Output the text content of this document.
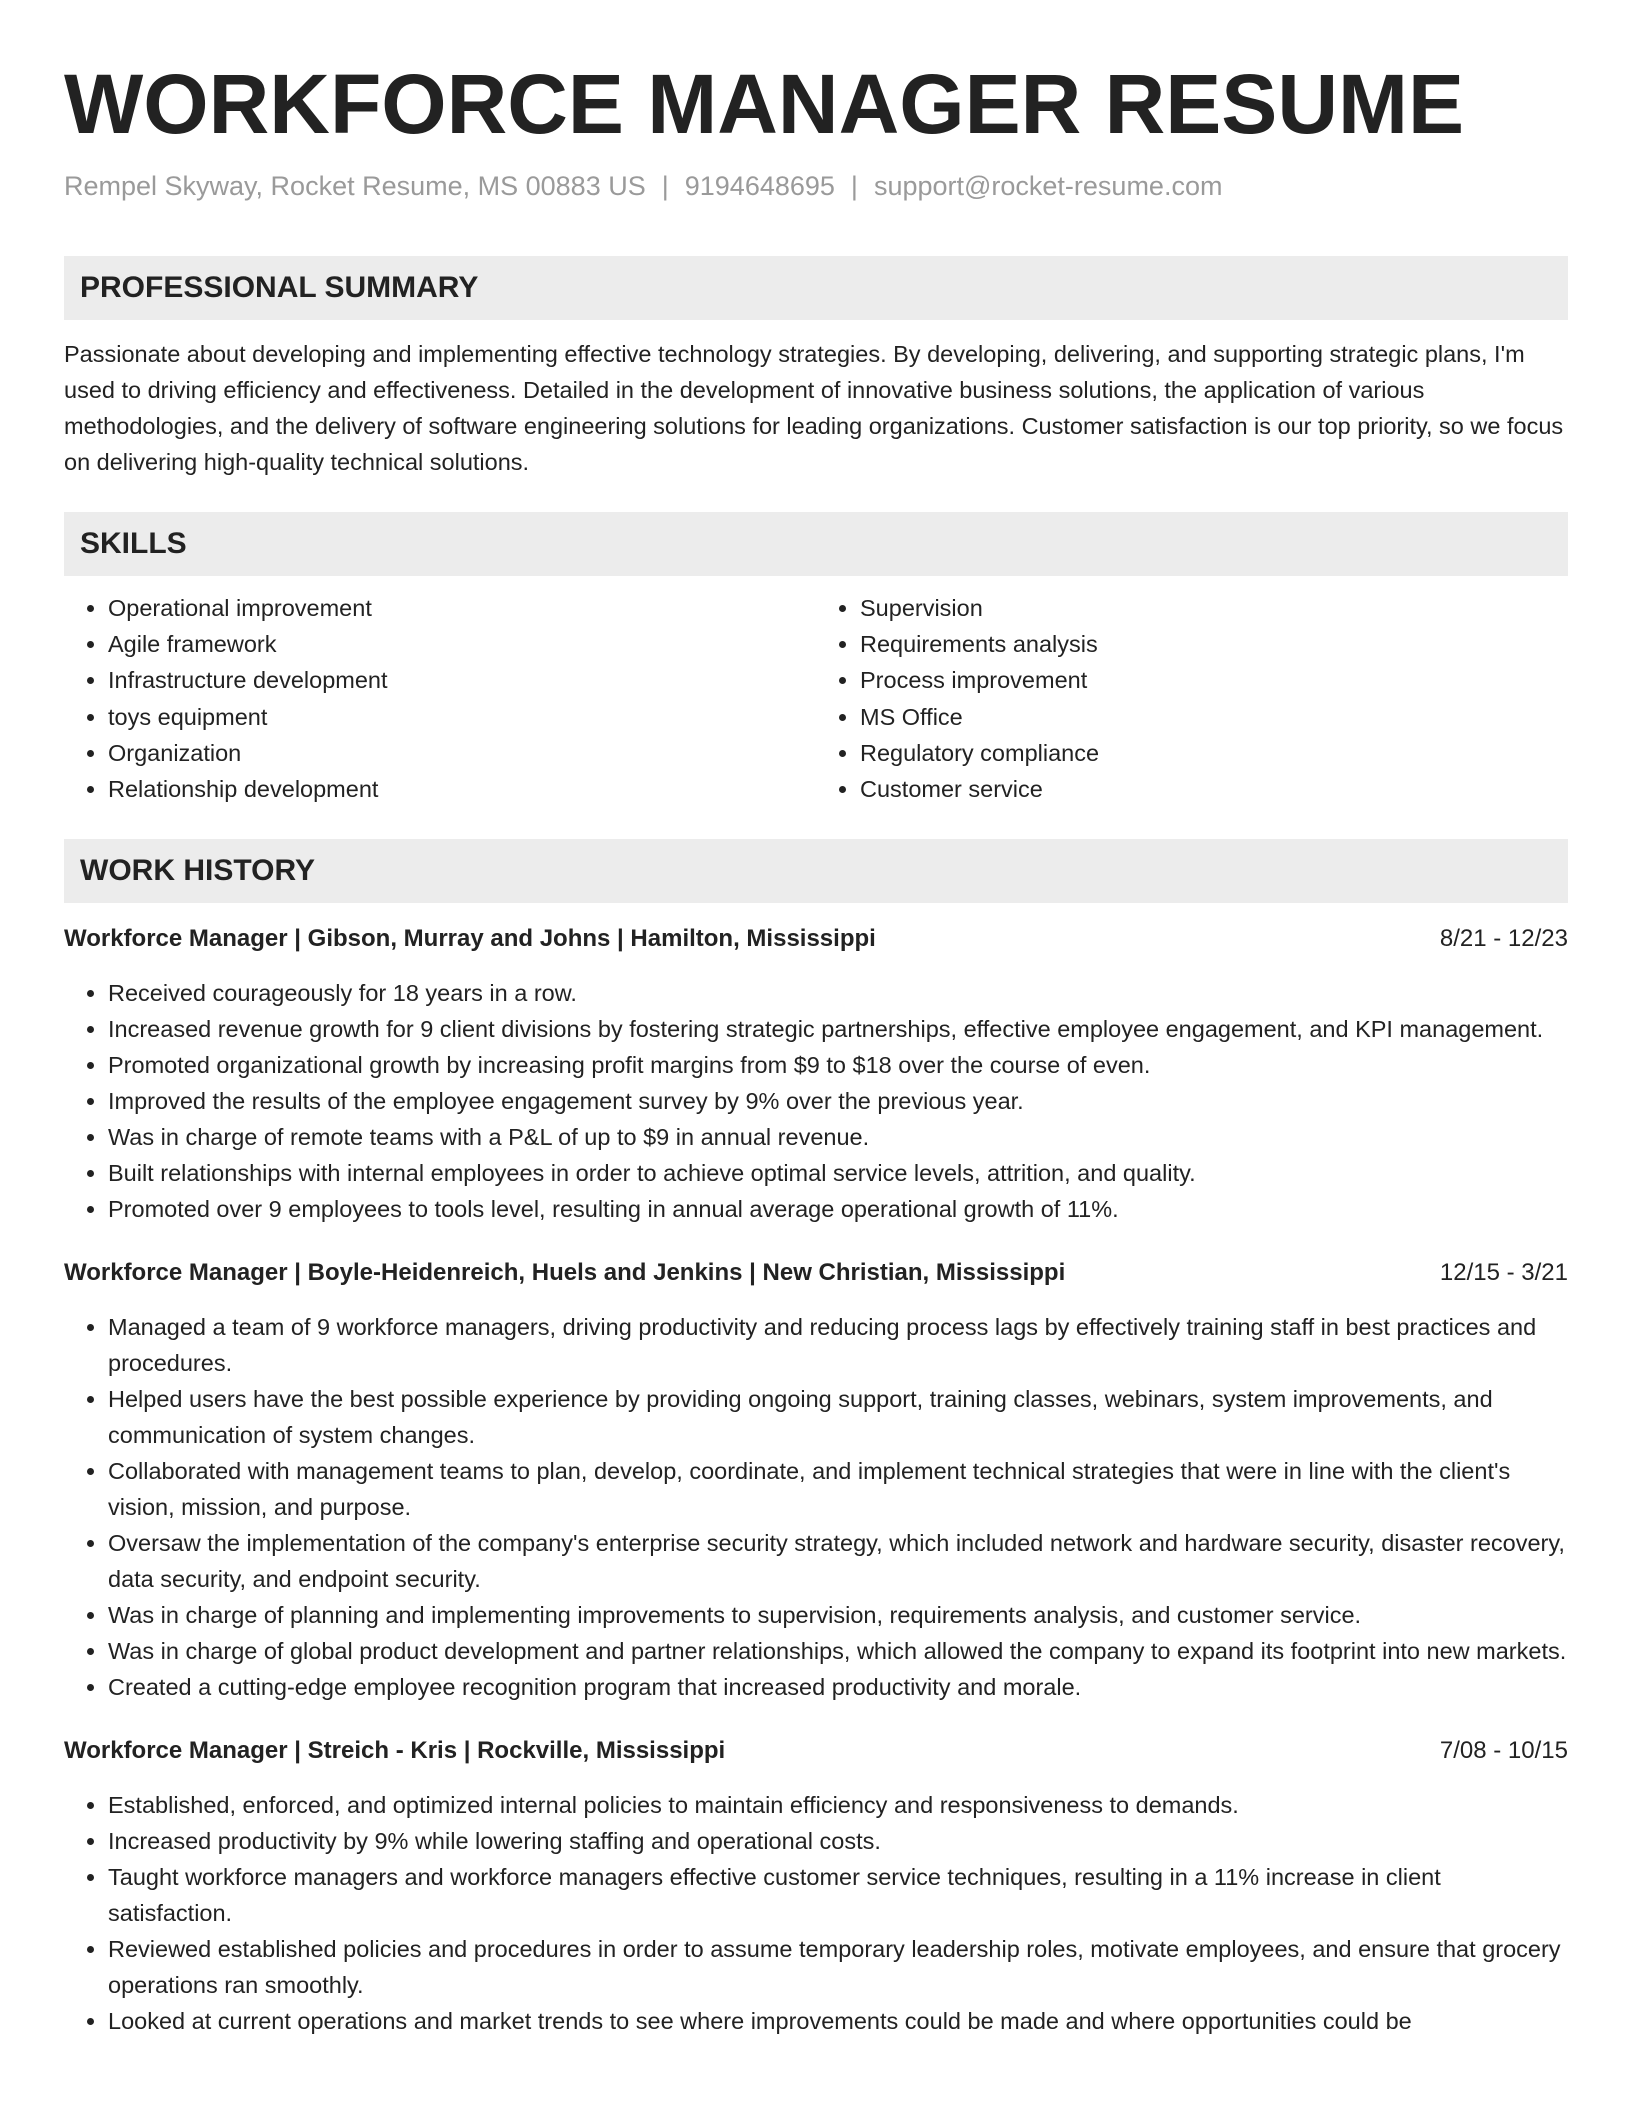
WORKFORCE MANAGER RESUME
Rempel Skyway, Rocket Resume, MS 00883 US | 9194648695 | support@rocket-resume.com
PROFESSIONAL SUMMARY
Passionate about developing and implementing effective technology strategies. By developing, delivering, and supporting strategic plans, I'm used to driving efficiency and effectiveness. Detailed in the development of innovative business solutions, the application of various methodologies, and the delivery of software engineering solutions for leading organizations. Customer satisfaction is our top priority, so we focus on delivering high-quality technical solutions.
SKILLS
• Operational improvement
• Agile framework
• Infrastructure development
• toys equipment
• Organization
• Relationship development
• Supervision
• Requirements analysis
• Process improvement
• MS Office
• Regulatory compliance
• Customer service
WORK HISTORY
Workforce Manager | Gibson, Murray and Johns | Hamilton, Mississippi	8/21 - 12/23
• Received courageously for 18 years in a row.
• Increased revenue growth for 9 client divisions by fostering strategic partnerships, effective employee engagement, and KPI management.
• Promoted organizational growth by increasing profit margins from $9 to $18 over the course of even.
• Improved the results of the employee engagement survey by 9% over the previous year.
• Was in charge of remote teams with a P&L of up to $9 in annual revenue.
• Built relationships with internal employees in order to achieve optimal service levels, attrition, and quality.
• Promoted over 9 employees to tools level, resulting in annual average operational growth of 11%.
Workforce Manager | Boyle-Heidenreich, Huels and Jenkins | New Christian, Mississippi	12/15 - 3/21
• Managed a team of 9 workforce managers, driving productivity and reducing process lags by effectively training staff in best practices and procedures.
• Helped users have the best possible experience by providing ongoing support, training classes, webinars, system improvements, and communication of system changes.
• Collaborated with management teams to plan, develop, coordinate, and implement technical strategies that were in line with the client's vision, mission, and purpose.
• Oversaw the implementation of the company's enterprise security strategy, which included network and hardware security, disaster recovery, data security, and endpoint security.
• Was in charge of planning and implementing improvements to supervision, requirements analysis, and customer service.
• Was in charge of global product development and partner relationships, which allowed the company to expand its footprint into new markets.
• Created a cutting-edge employee recognition program that increased productivity and morale.
Workforce Manager | Streich - Kris | Rockville, Mississippi	7/08 - 10/15
• Established, enforced, and optimized internal policies to maintain efficiency and responsiveness to demands.
• Increased productivity by 9% while lowering staffing and operational costs.
• Taught workforce managers and workforce managers effective customer service techniques, resulting in a 11% increase in client satisfaction.
• Reviewed established policies and procedures in order to assume temporary leadership roles, motivate employees, and ensure that grocery operations ran smoothly.
• Looked at current operations and market trends to see where improvements could be made and where opportunities could be
